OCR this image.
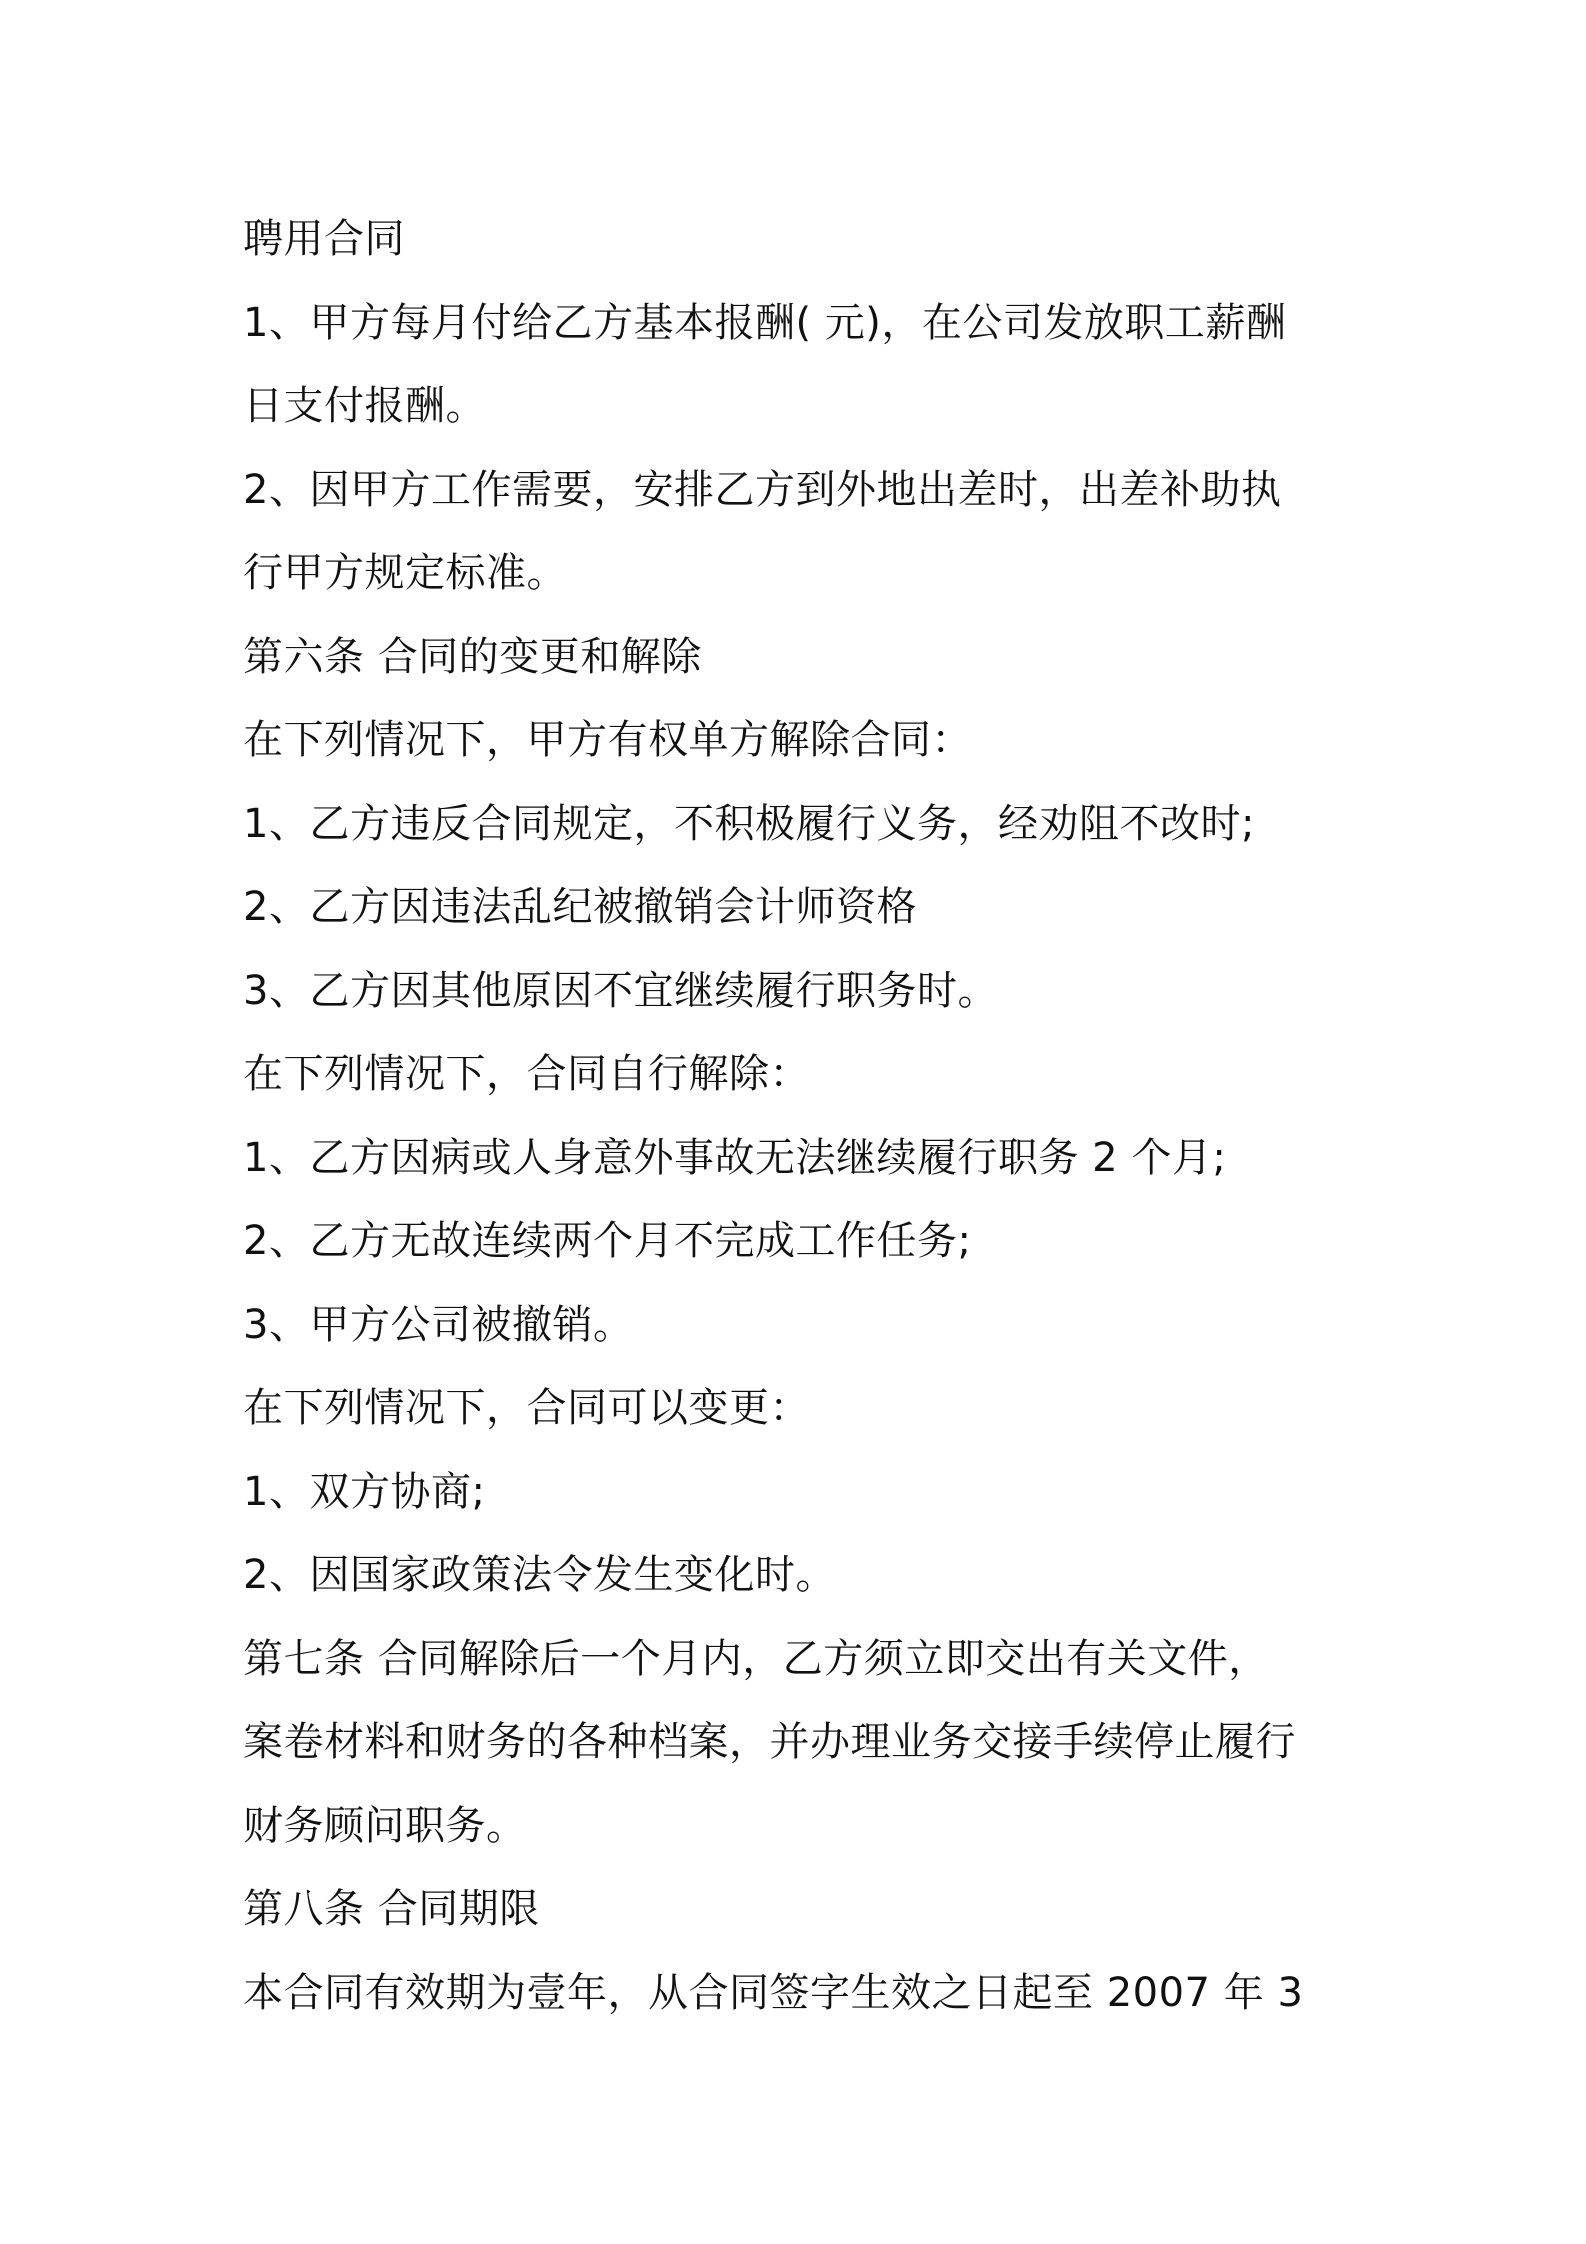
聘用合同
1、甲方每月付给乙方基本报酬( 元)，在公司发放职工薪酬
日支付报酬。
2、因甲方工作需要，安排乙方到外地出差时，出差补助执
行甲方规定标准。
第六条 合同的变更和解除
在下列情况下，甲方有权单方解除合同：
1、乙方违反合同规定，不积极履行义务，经劝阻不改时;
2、乙方因违法乱纪被撤销会计师资格
3、乙方因其他原因不宜继续履行职务时。
在下列情况下，合同自行解除：
1、乙方因病或人身意外事故无法继续履行职务 2 个月;
2、乙方无故连续两个月不完成工作任务;
3、甲方公司被撤销。
在下列情况下，合同可以变更：
1、双方协商;
2、因国家政策法令发生变化时。
第七条 合同解除后一个月内，乙方须立即交出有关文件，
案卷材料和财务的各种档案，并办理业务交接手续停止履行
财务顾问职务。
第八条 合同期限
本合同有效期为壹年，从合同签字生效之日起至 2007 年 3
